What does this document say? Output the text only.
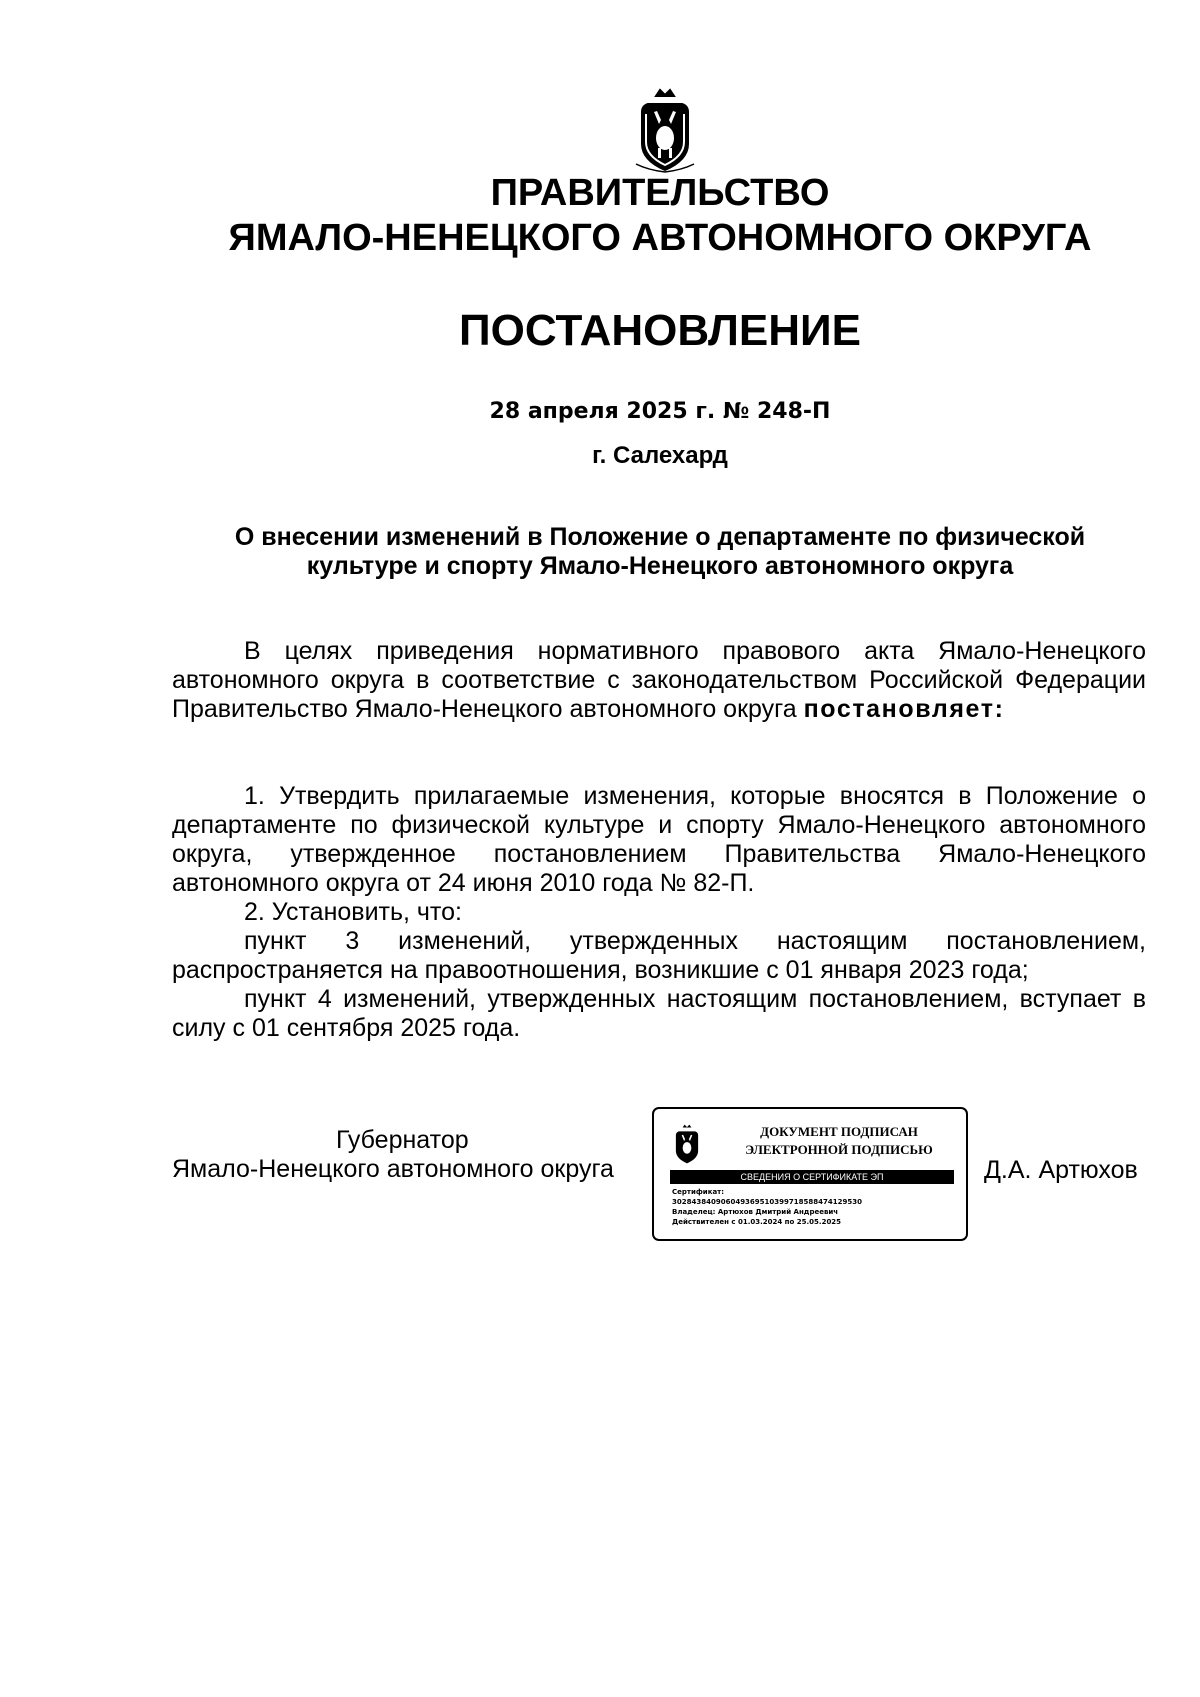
ПРАВИТЕЛЬСТВО
ЯМАЛО-НЕНЕЦКОГО АВТОНОМНОГО ОКРУГА
ПОСТАНОВЛЕНИЕ
28 апреля 2025 г. № 248-П
г. Салехард
О внесении изменений в Положение о департаменте по физической культуре и спорту Ямало-Ненецкого автономного округа
В целях приведения нормативного правового акта Ямало-Ненецкого автономного округа в соответствие с законодательством Российской Федерации Правительство Ямало-Ненецкого автономного округа постановляет:
1. Утвердить прилагаемые изменения, которые вносятся в Положение о департаменте по физической культуре и спорту Ямало-Ненецкого автономного округа, утвержденное постановлением Правительства Ямало-Ненецкого автономного округа от 24 июня 2010 года № 82-П.
2. Установить, что:
пункт 3 изменений, утвержденных настоящим постановлением, распространяется на правоотношения, возникшие с 01 января 2023 года;
пункт 4 изменений, утвержденных настоящим постановлением, вступает в силу с 01 сентября 2025 года.
Губернатор
Ямало-Ненецкого автономного округа
ДОКУМЕНТ ПОДПИСАН
ЭЛЕКТРОННОЙ ПОДПИСЬЮ
СВЕДЕНИЯ О СЕРТИФИКАТЕ ЭП
Сертификат:
302843840906049369510399718588474129530
Владелец: Артюхов Дмитрий Андреевич
Действителен с 01.03.2024 по 25.05.2025
Д.А. Артюхов
